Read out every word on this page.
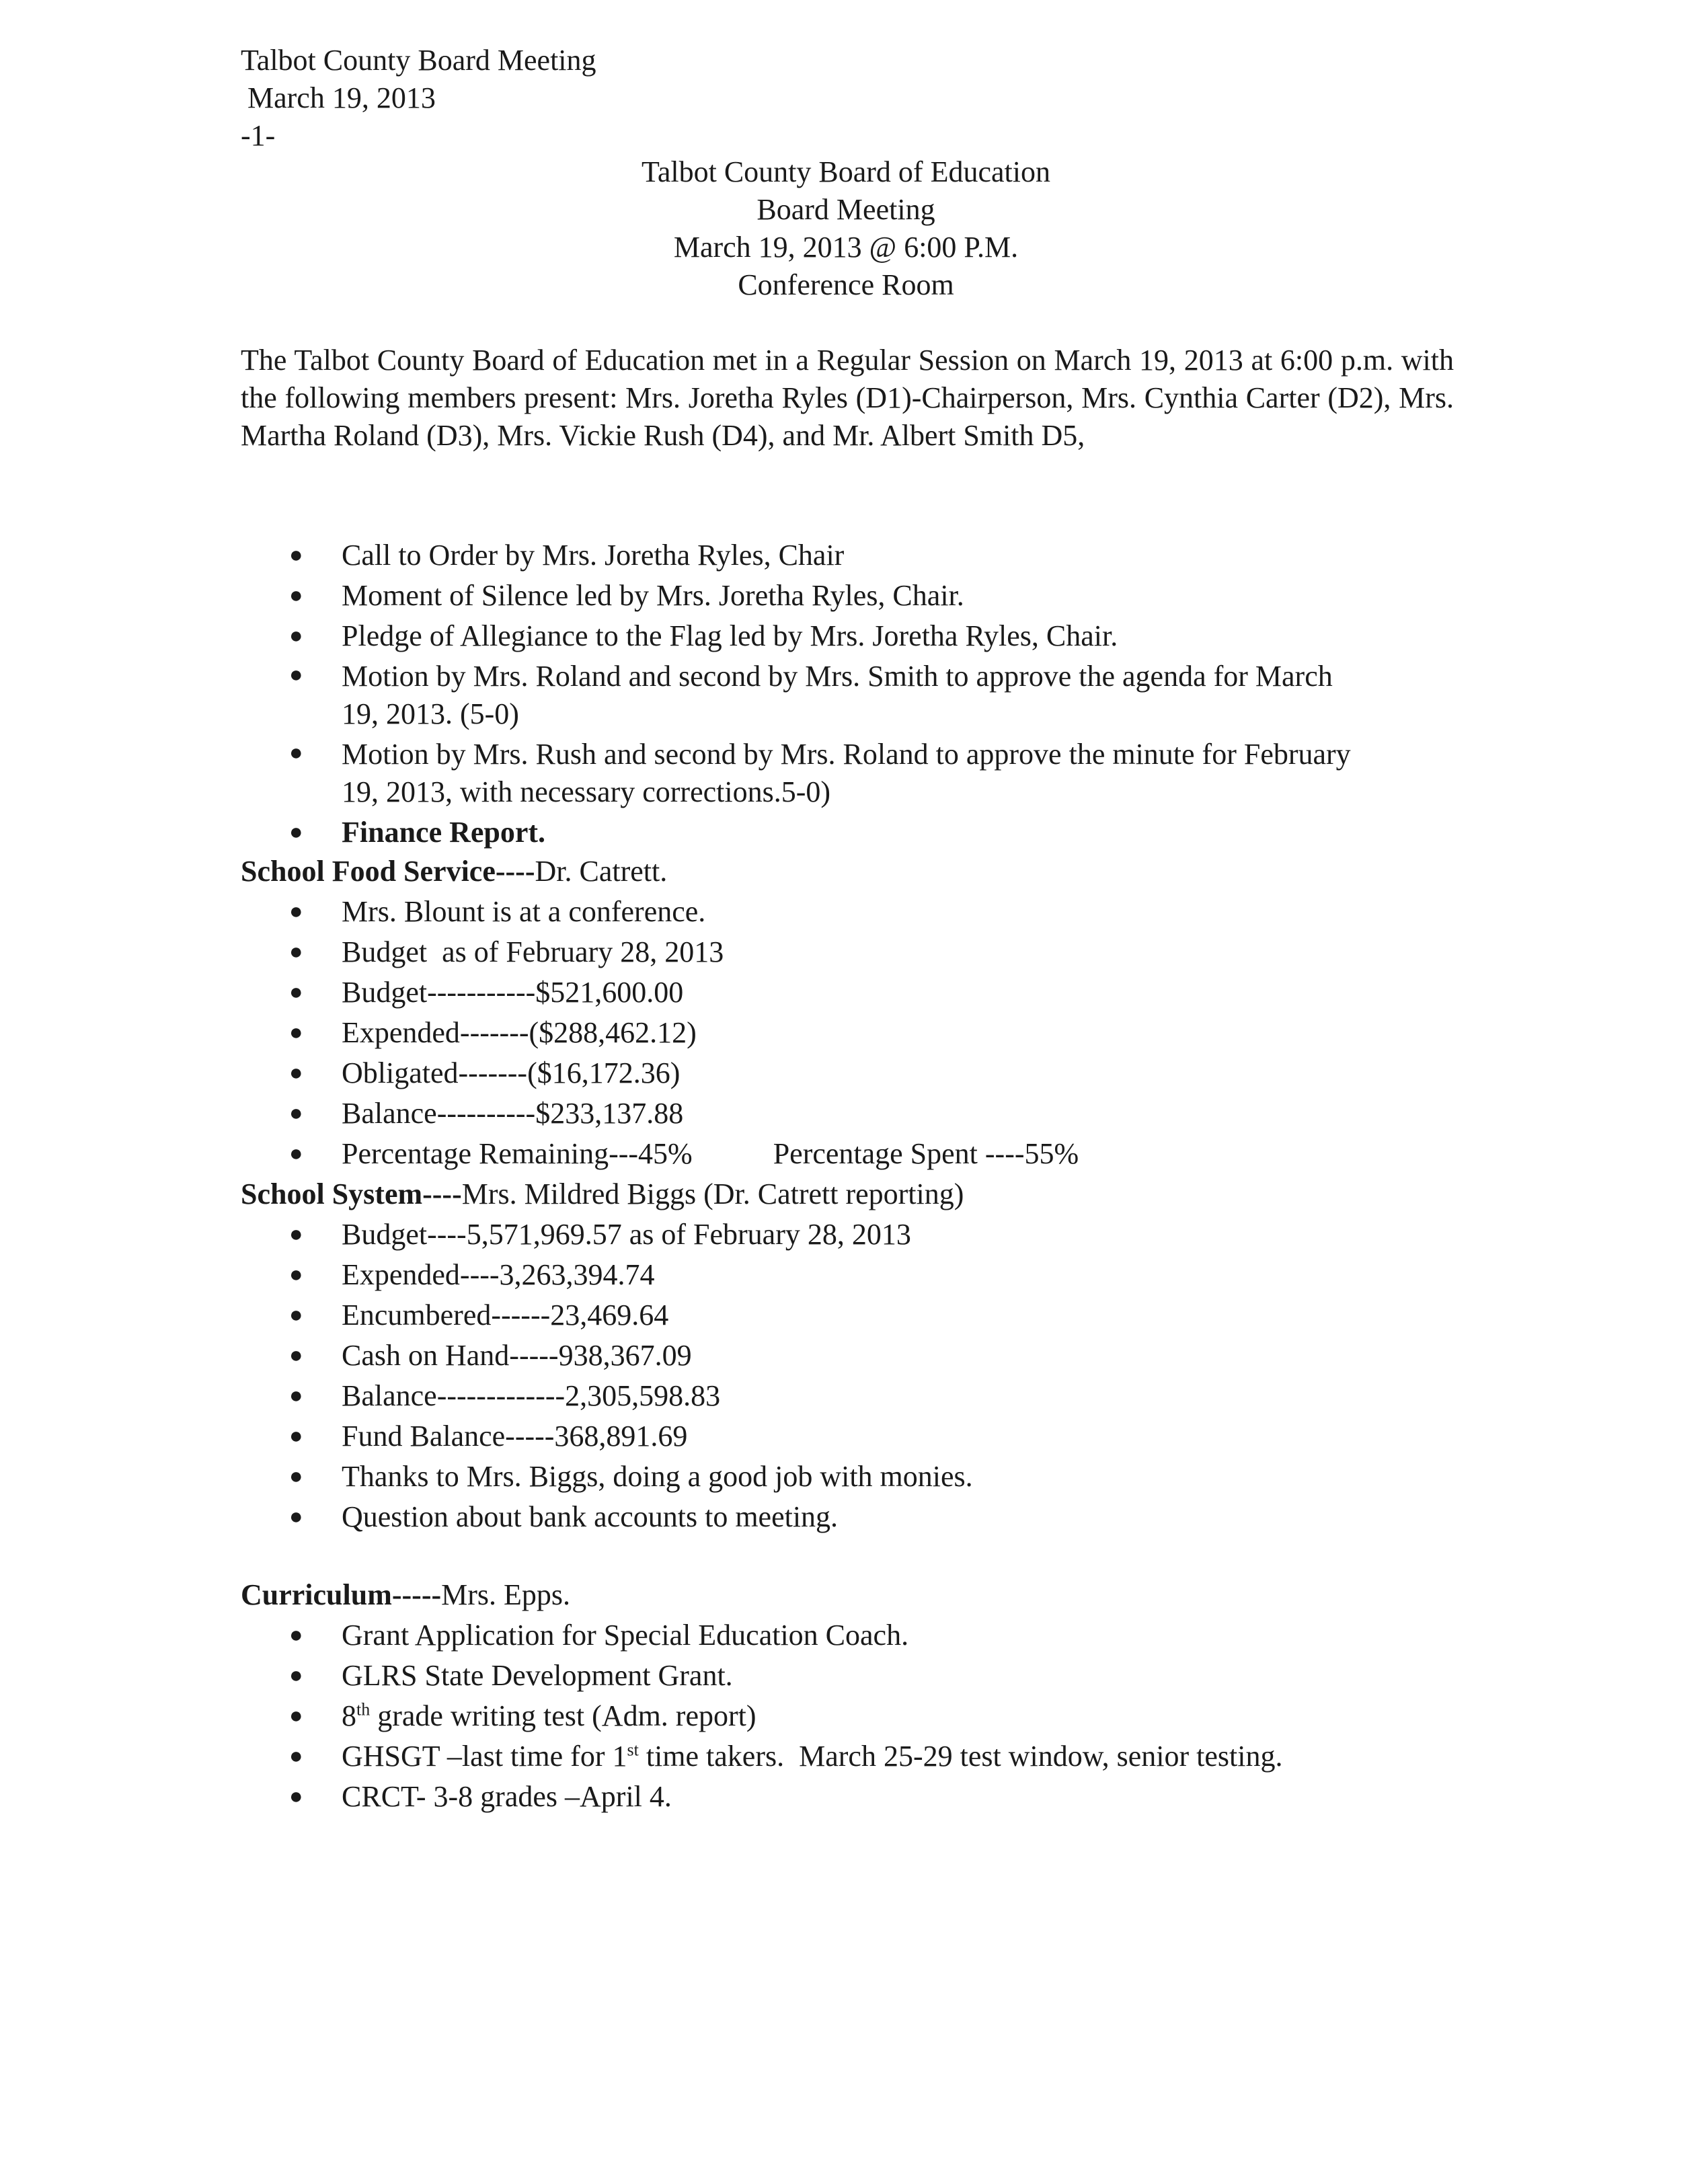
Talbot County Board Meeting
March 19, 2013
-1-
Talbot County Board of Education
Board Meeting
March 19, 2013 @ 6:00 P.M.
Conference Room
The Talbot County Board of Education met in a Regular Session on March 19, 2013 at 6:00 p.m. with the following members present: Mrs. Joretha Ryles (D1)-Chairperson, Mrs. Cynthia Carter (D2), Mrs. Martha Roland (D3), Mrs. Vickie Rush (D4), and Mr. Albert Smith D5,
● Call to Order by Mrs. Joretha Ryles, Chair
● Moment of Silence led by Mrs. Joretha Ryles, Chair.
● Pledge of Allegiance to the Flag led by Mrs. Joretha Ryles, Chair.
● Motion by Mrs. Roland and second by Mrs. Smith to approve the agenda for March 19, 2013. (5-0)
● Motion by Mrs. Rush and second by Mrs. Roland to approve the minute for February 19, 2013, with necessary corrections.5-0)
● Finance Report.
School Food Service----Dr. Catrett.
● Mrs. Blount is at a conference.
● Budget  as of February 28, 2013
● Budget-----------$521,600.00
● Expended-------($288,462.12)
● Obligated-------($16,172.36)
● Balance----------$233,137.88
● Percentage Remaining---45%	Percentage Spent ----55%
School System----Mrs. Mildred Biggs (Dr. Catrett reporting)
● Budget----5,571,969.57 as of February 28, 2013
● Expended----3,263,394.74
● Encumbered------23,469.64
● Cash on Hand-----938,367.09
● Balance-------------2,305,598.83
● Fund Balance-----368,891.69
● Thanks to Mrs. Biggs, doing a good job with monies.
● Question about bank accounts to meeting.
Curriculum-----Mrs. Epps.
● Grant Application for Special Education Coach.
● GLRS State Development Grant.
● 8th grade writing test (Adm. report)
● GHSGT –last time for 1st time takers.  March 25-29 test window, senior testing.
● CRCT- 3-8 grades –April 4.
